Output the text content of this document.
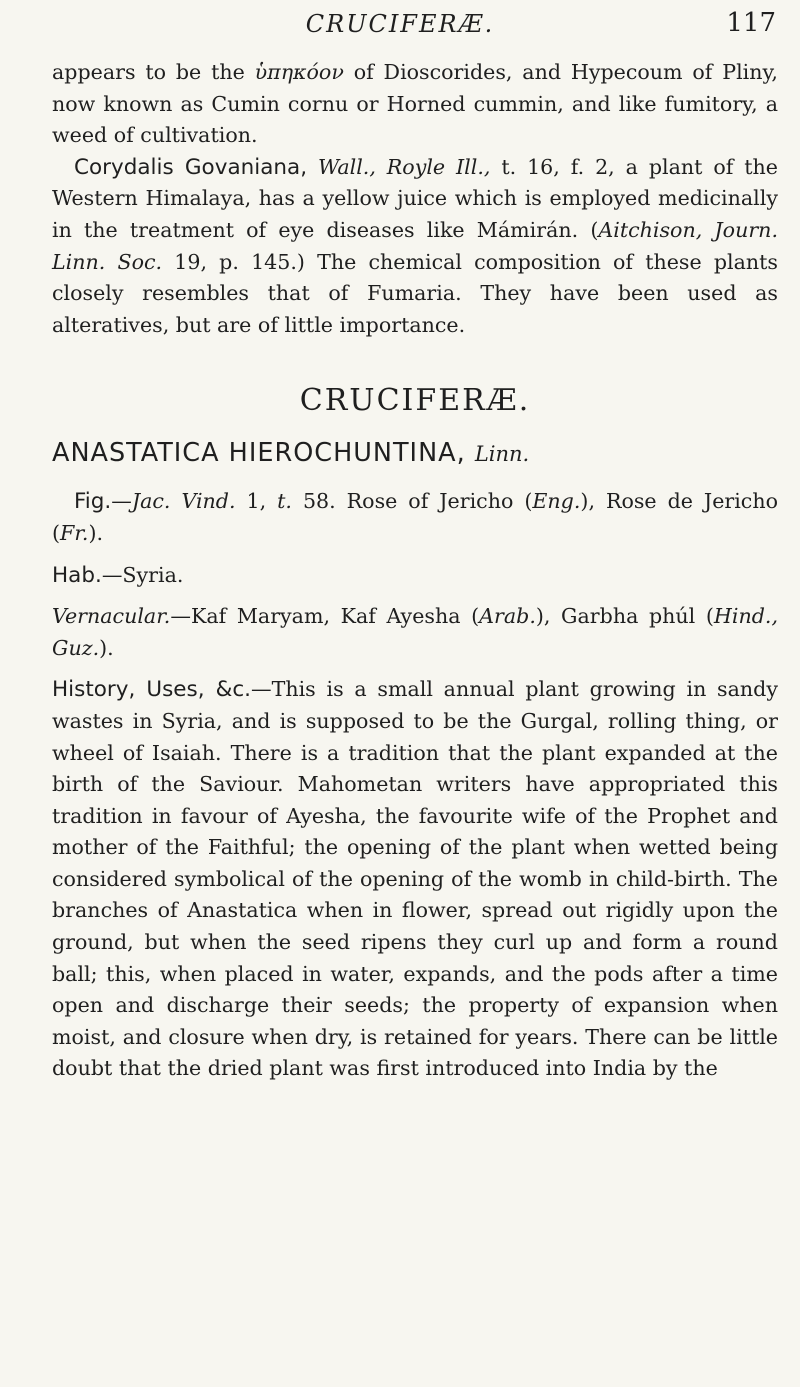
CRUCIFERÆ.	117

appears to be the ὑπηκόον of Dioscorides, and Hypecoum of Pliny, now known as Cumin cornu or Horned cummin, and like fumitory, a weed of cultivation.

Corydalis Govaniana, Wall., Royle Ill., t. 16, f. 2, a plant of the Western Himalaya, has a yellow juice which is employed medicinally in the treatment of eye diseases like Mámirán. (Aitchison, Journ. Linn. Soc. 19, p. 145.) The chemical composition of these plants closely resembles that of Fumaria. They have been used as alteratives, but are of little importance.

CRUCIFERÆ.
ANASTATICA HIEROCHUNTINA, Linn.

Fig.—Jac. Vind. 1, t. 58. Rose of Jericho (Eng.), Rose de Jericho (Fr.).

Hab.—Syria.

Vernacular.—Kaf Maryam, Kaf Ayesha (Arab.), Garbha phúl (Hind., Guz.).

History, Uses, &c.—This is a small annual plant growing in sandy wastes in Syria, and is supposed to be the Gurgal, rolling thing, or wheel of Isaiah. There is a tradition that the plant expanded at the birth of the Saviour. Mahometan writers have appropriated this tradition in favour of Ayesha, the favourite wife of the Prophet and mother of the Faithful; the opening of the plant when wetted being considered symbolical of the opening of the womb in child-birth. The branches of Anastatica when in flower, spread out rigidly upon the ground, but when the seed ripens they curl up and form a round ball; this, when placed in water, expands, and the pods after a time open and discharge their seeds; the property of expansion when moist, and closure when dry, is retained for years. There can be little doubt that the dried plant was first introduced into India by the
